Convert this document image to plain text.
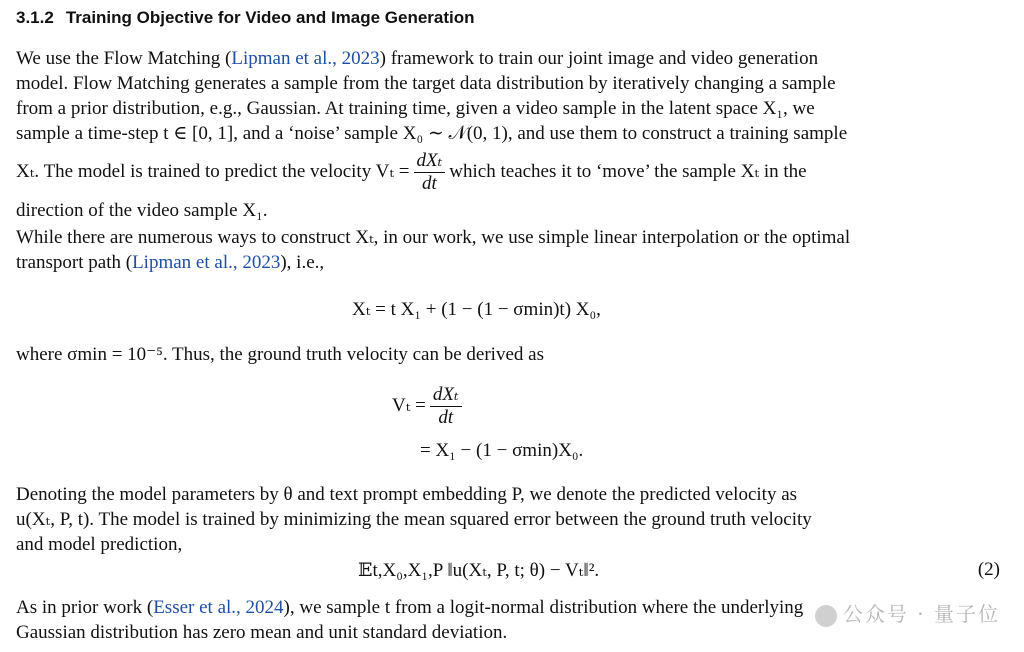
3.1.2 Training Objective for Video and Image Generation
We use the Flow Matching (Lipman et al., 2023) framework to train our joint image and video generation
model. Flow Matching generates a sample from the target data distribution by iteratively changing a sample
from a prior distribution, e.g., Gaussian. At training time, given a video sample in the latent space X₁, we
sample a time-step t ∈ [0, 1], and a ‘noise’ sample X₀ ∼ 𝒩(0, 1), and use them to construct a training sample
Xₜ. The model is trained to predict the velocity $V_t = \frac{\text{dXₜ}}{dt}$ which teaches it to ‘move’ the sample Xₜ in the
direction of the video sample X₁.
While there are numerous ways to construct Xₜ, in our work, we use simple linear interpolation or the optimal
transport path (Lipman et al., 2023), i.e.,
Xₜ = t X₁ + (1 − (1 − σmin)t) X₀,
where σmin = 10⁻⁵. Thus, the ground truth velocity can be derived as
$V_t = \frac{\text{dXₜ}}{dt}$
= X₁ − (1 − σmin)X₀.
Denoting the model parameters by θ and text prompt embedding P, we denote the predicted velocity as
u(Xₜ, P, t). The model is trained by minimizing the mean squared error between the ground truth velocity
and model prediction,
𝔼t,X₀,X₁,P ‖u(Xₜ, P, t; θ) − Vₜ‖².	(2)
As in prior work (Esser et al., 2024), we sample t from a logit-normal distribution where the underlying
Gaussian distribution has zero mean and unit standard deviation.
公众号 · 量子位
